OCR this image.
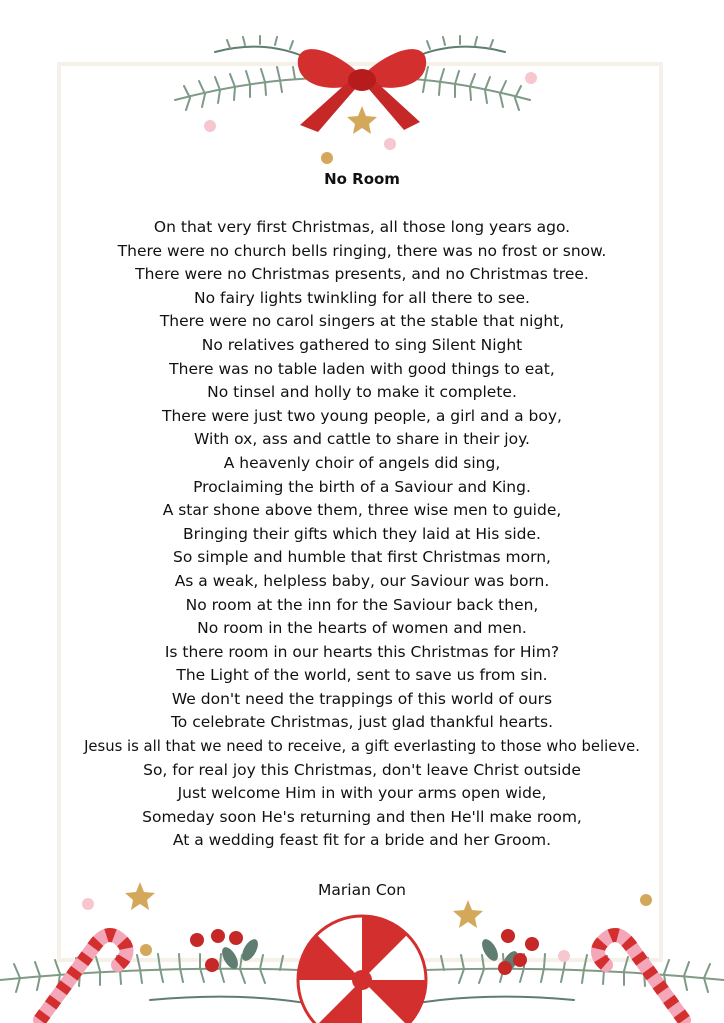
No Room
On that very first Christmas, all those long years ago.
There were no church bells ringing, there was no frost or snow.
There were no Christmas presents, and no Christmas tree.
No fairy lights twinkling for all there to see.
There were no carol singers at the stable that night,
No relatives gathered to sing Silent Night
There was no table laden with good things to eat,
No tinsel and holly to make it complete.
There were just two young people, a girl and a boy,
With ox, ass and cattle to share in their joy.
A heavenly choir of angels did sing,
Proclaiming the birth of a Saviour and King.
A star shone above them, three wise men to guide,
Bringing their gifts which they laid at His side.
So simple and humble that first Christmas morn,
As a weak, helpless baby, our Saviour was born.
No room at the inn for the Saviour back then,
No room in the hearts of women and men.
Is there room in our hearts this Christmas for Him?
The Light of the world, sent to save us from sin.
We don't need the trappings of this world of ours
To celebrate Christmas, just glad thankful hearts.
Jesus is all that we need to receive, a gift everlasting to those who believe.
So, for real joy this Christmas, don't leave Christ outside
Just welcome Him in with your arms open wide,
Someday soon He's returning and then He'll make room,
At a wedding feast fit for a bride and her Groom.
Marian Con
